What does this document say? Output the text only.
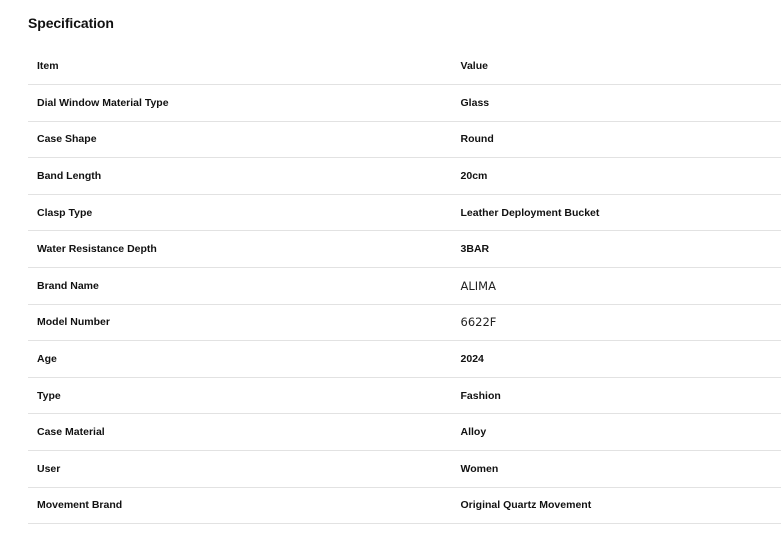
Specification
Item	Value
Dial Window Material Type	Glass
Case Shape	Round
Band Length	20cm
Clasp Type	Leather Deployment Bucket
Water Resistance Depth	3BAR
Brand Name	ALIMA
Model Number	6622F
Age	2024
Type	Fashion
Case Material	Alloy
User	Women
Movement Brand	Original Quartz Movement
